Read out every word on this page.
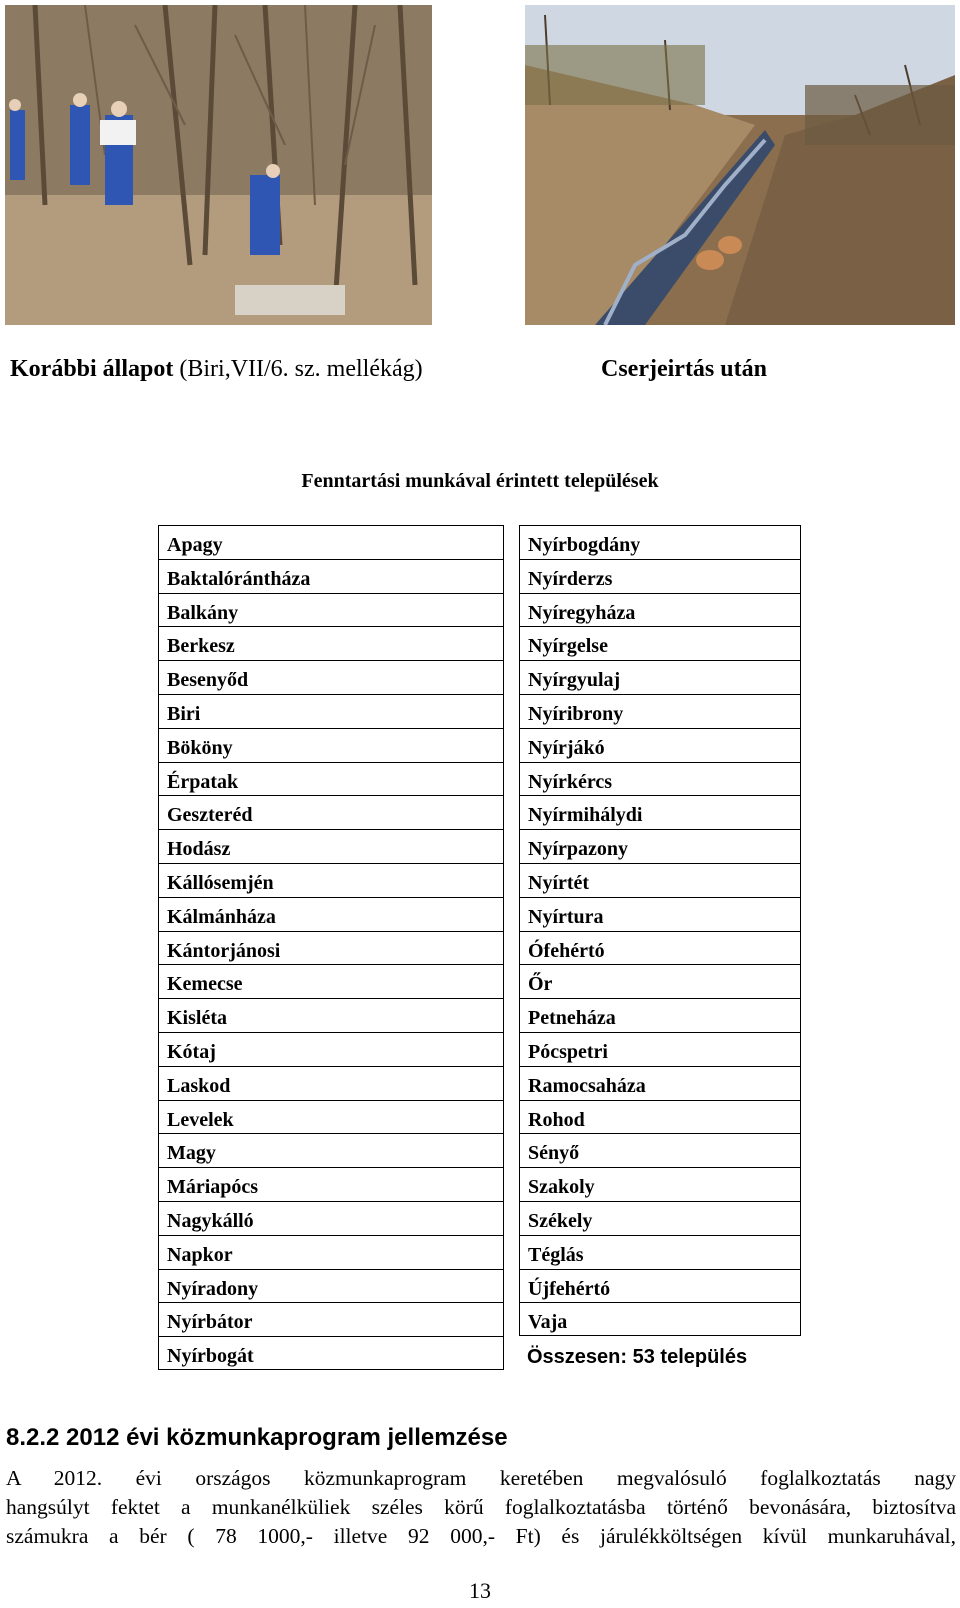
Korábbi állapot (Biri,VII/6. sz. mellékág)	Cserjeirtás után
Fenntartási munkával érintett települések
Apagy
Baktalórántháza
Balkány
Berkesz
Besenyőd
Biri
Bököny
Érpatak
Geszteréd
Hodász
Kállósemjén
Kálmánháza
Kántorjánosi
Kemecse
Kisléta
Kótaj
Laskod
Levelek
Magy
Máriapócs
Nagykálló
Napkor
Nyíradony
Nyírbátor
Nyírbogát
Nyírbogdány
Nyírderzs
Nyíregyháza
Nyírgelse
Nyírgyulaj
Nyíribrony
Nyírjákó
Nyírkércs
Nyírmihálydi
Nyírpazony
Nyírtét
Nyírtura
Ófehértó
Őr
Petneháza
Pócspetri
Ramocsaháza
Rohod
Sényő
Szakoly
Székely
Téglás
Újfehértó
Vaja
Összesen: 53 település
8.2.2 2012 évi közmunkaprogram jellemzése
A 2012. évi országos közmunkaprogram keretében megvalósuló foglalkoztatás nagy
hangsúlyt fektet a munkanélküliek széles körű foglalkoztatásba történő bevonására, biztosítva
számukra a bér ( 78 1000,- illetve 92 000,- Ft) és járulékköltségen kívül munkaruhával,
13
